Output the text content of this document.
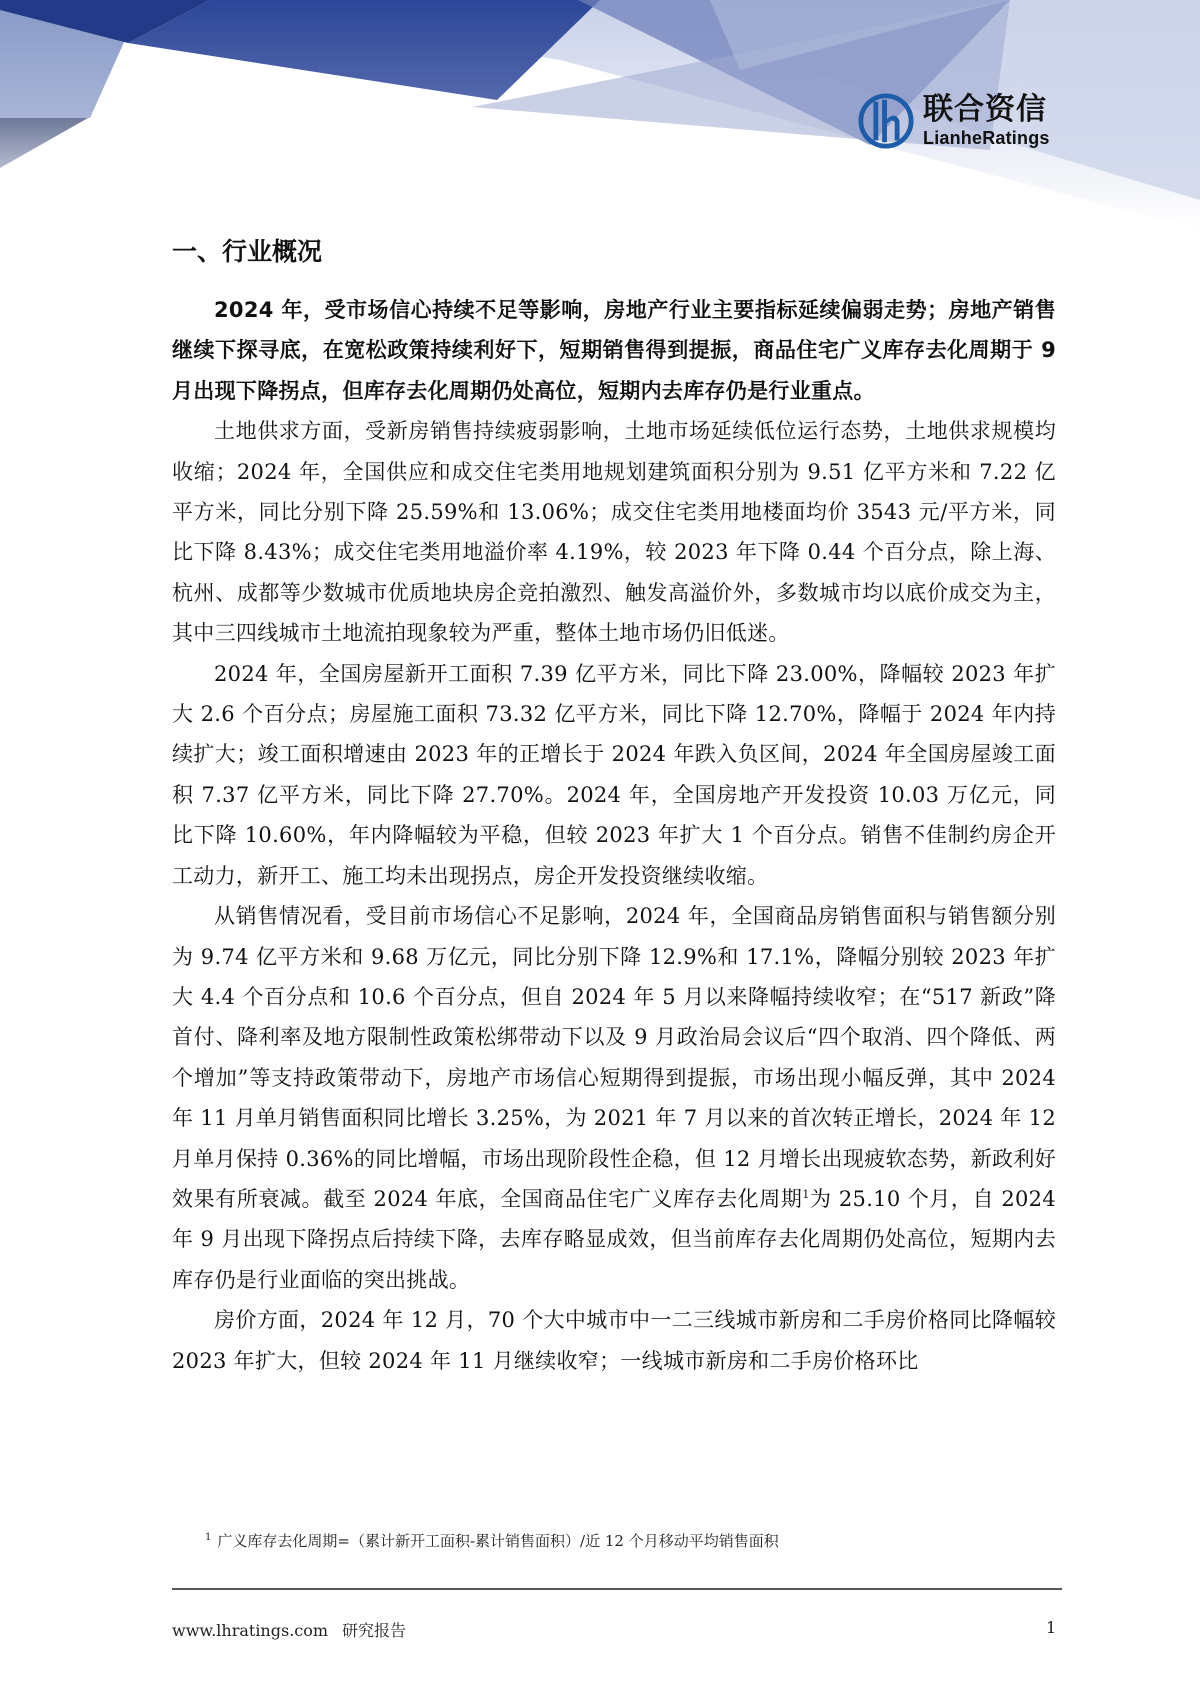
联合资信
LianheRatings
一、行业概况

2024 年，受市场信心持续不足等影响，房地产行业主要指标延续偏弱走势；房地产销售继续下探寻底，在宽松政策持续利好下，短期销售得到提振，商品住宅广义库存去化周期于 9 月出现下降拐点，但库存去化周期仍处高位，短期内去库存仍是行业重点。

土地供求方面，受新房销售持续疲弱影响，土地市场延续低位运行态势，土地供求规模均收缩；2024 年，全国供应和成交住宅类用地规划建筑面积分别为 9.51 亿平方米和 7.22 亿平方米，同比分别下降 25.59%和 13.06%；成交住宅类用地楼面均价 3543 元/平方米，同比下降 8.43%；成交住宅类用地溢价率 4.19%，较 2023 年下降 0.44 个百分点，除上海、杭州、成都等少数城市优质地块房企竞拍激烈、触发高溢价外，多数城市均以底价成交为主，其中三四线城市土地流拍现象较为严重，整体土地市场仍旧低迷。

2024 年，全国房屋新开工面积 7.39 亿平方米，同比下降 23.00%，降幅较 2023 年扩大 2.6 个百分点；房屋施工面积 73.32 亿平方米，同比下降 12.70%，降幅于 2024 年内持续扩大；竣工面积增速由 2023 年的正增长于 2024 年跌入负区间，2024 年全国房屋竣工面积 7.37 亿平方米，同比下降 27.70%。2024 年，全国房地产开发投资 10.03 万亿元，同比下降 10.60%，年内降幅较为平稳，但较 2023 年扩大 1 个百分点。销售不佳制约房企开工动力，新开工、施工均未出现拐点，房企开发投资继续收缩。

从销售情况看，受目前市场信心不足影响，2024 年，全国商品房销售面积与销售额分别为 9.74 亿平方米和 9.68 万亿元，同比分别下降 12.9%和 17.1%，降幅分别较 2023 年扩大 4.4 个百分点和 10.6 个百分点，但自 2024 年 5 月以来降幅持续收窄；在“517 新政”降首付、降利率及地方限制性政策松绑带动下以及 9 月政治局会议后“四个取消、四个降低、两个增加”等支持政策带动下，房地产市场信心短期得到提振，市场出现小幅反弹，其中 2024 年 11 月单月销售面积同比增长 3.25%，为 2021 年 7 月以来的首次转正增长，2024 年 12 月单月保持 0.36%的同比增幅，市场出现阶段性企稳，但 12 月增长出现疲软态势，新政利好效果有所衰减。截至 2024 年底，全国商品住宅广义库存去化周期$^1$为 25.10 个月，自 2024 年 9 月出现下降拐点后持续下降，去库存略显成效，但当前库存去化周期仍处高位，短期内去库存仍是行业面临的突出挑战。

房价方面，2024 年 12 月，70 个大中城市中一二三线城市新房和二手房价格同比降幅较 2023 年扩大，但较 2024 年 11 月继续收窄；一线城市新房和二手房价格环比

$^1$ 广义库存去化周期=（累计新开工面积-累计销售面积）/近 12 个月移动平均销售面积
www.lhratings.com 研究报告	1
